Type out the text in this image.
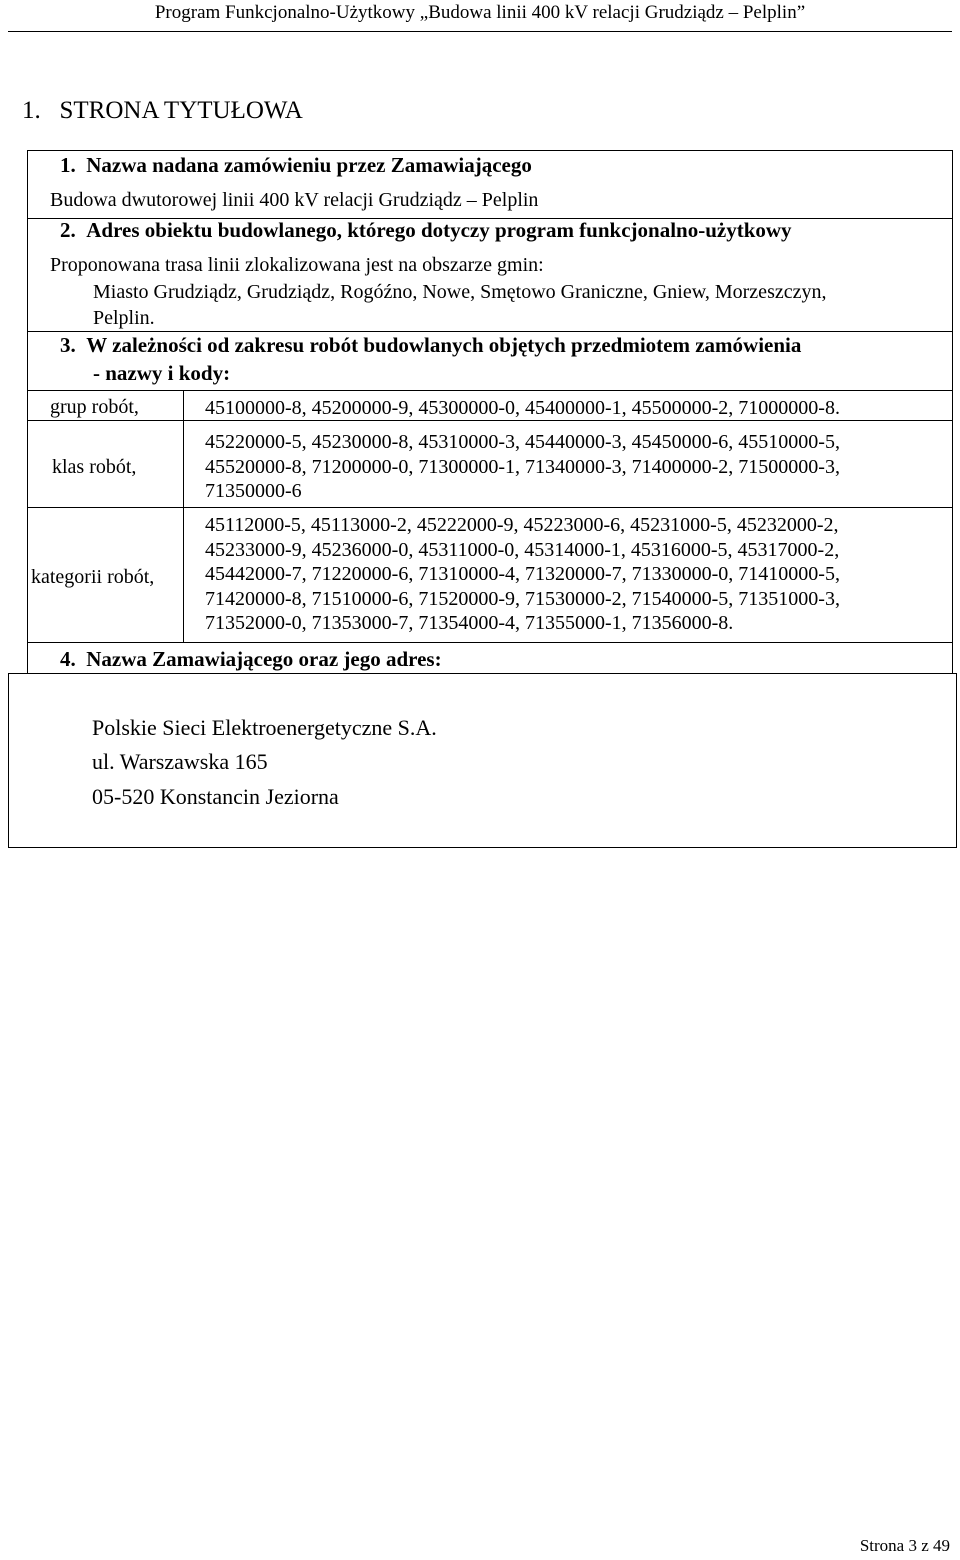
Program Funkcjonalno-Użytkowy „Budowa linii 400 kV relacji Grudziądz – Pelplin”
1. STRONA TYTUŁOWA
1. Nazwa nadana zamówieniu przez Zamawiającego
Budowa dwutorowej linii 400 kV relacji Grudziądz – Pelplin
2. Adres obiektu budowlanego, którego dotyczy program funkcjonalno-użytkowy
Proponowana trasa linii zlokalizowana jest na obszarze gmin:
Miasto Grudziądz, Grudziądz, Rogóźno, Nowe, Smętowo Graniczne, Gniew, Morzeszczyn,
Pelplin.
3. W zależności od zakresu robót budowlanych objętych przedmiotem zamówienia
- nazwy i kody:
grup robót,	45100000-8, 45200000-9, 45300000-0, 45400000-1, 45500000-2, 71000000-8.
klas robót,
45220000-5, 45230000-8, 45310000-3, 45440000-3, 45450000-6, 45510000-5,
45520000-8, 71200000-0, 71300000-1, 71340000-3, 71400000-2, 71500000-3,
71350000-6
kategorii robót,
45112000-5, 45113000-2, 45222000-9, 45223000-6, 45231000-5, 45232000-2,
45233000-9, 45236000-0, 45311000-0, 45314000-1, 45316000-5, 45317000-2,
45442000-7, 71220000-6, 71310000-4, 71320000-7, 71330000-0, 71410000-5,
71420000-8, 71510000-6, 71520000-9, 71530000-2, 71540000-5, 71351000-3,
71352000-0, 71353000-7, 71354000-4, 71355000-1, 71356000-8.
4. Nazwa Zamawiającego oraz jego adres:
Polskie Sieci Elektroenergetyczne S.A.
ul. Warszawska 165
05-520 Konstancin Jeziorna
Strona 3 z 49
